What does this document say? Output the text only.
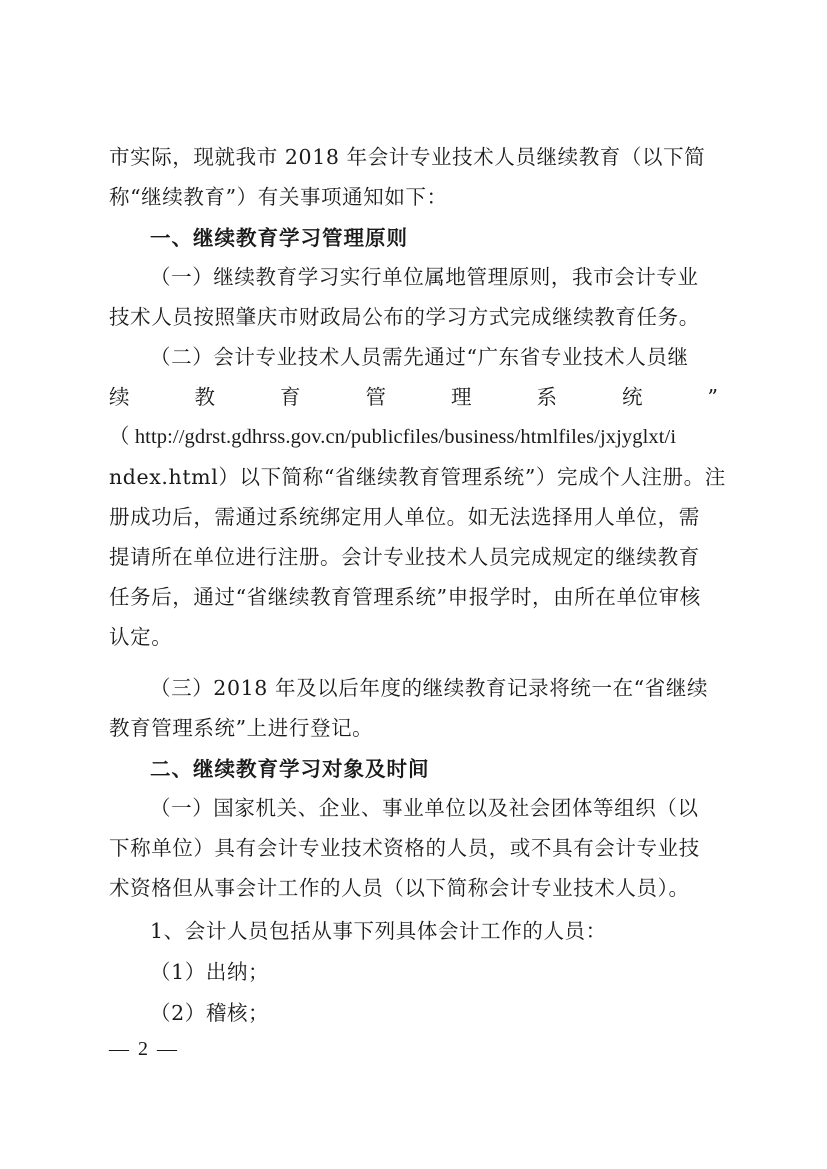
市实际，现就我市 2018 年会计专业技术人员继续教育（以下简
称“继续教育”）有关事项通知如下：
一、继续教育学习管理原则
（一）继续教育学习实行单位属地管理原则，我市会计专业
技术人员按照肇庆市财政局公布的学习方式完成继续教育任务。
（二）会计专业技术人员需先通过“广东省专业技术人员继
续	教	育	管	理	系	统	”
（ http://gdrst.gdhrss.gov.cn/publicfiles/business/htmlfiles/jxjyglxt/i
ndex.html）以下简称“省继续教育管理系统”）完成个人注册。注
册成功后，需通过系统绑定用人单位。如无法选择用人单位，需
提请所在单位进行注册。会计专业技术人员完成规定的继续教育
任务后，通过“省继续教育管理系统”申报学时，由所在单位审核
认定。
（三）2018 年及以后年度的继续教育记录将统一在“省继续
教育管理系统”上进行登记。
二、继续教育学习对象及时间
（一）国家机关、企业、事业单位以及社会团体等组织（以
下称单位）具有会计专业技术资格的人员，或不具有会计专业技
术资格但从事会计工作的人员（以下简称会计专业技术人员）。
1、会计人员包括从事下列具体会计工作的人员：
（1）出纳；
（2）稽核；
— 2 —
